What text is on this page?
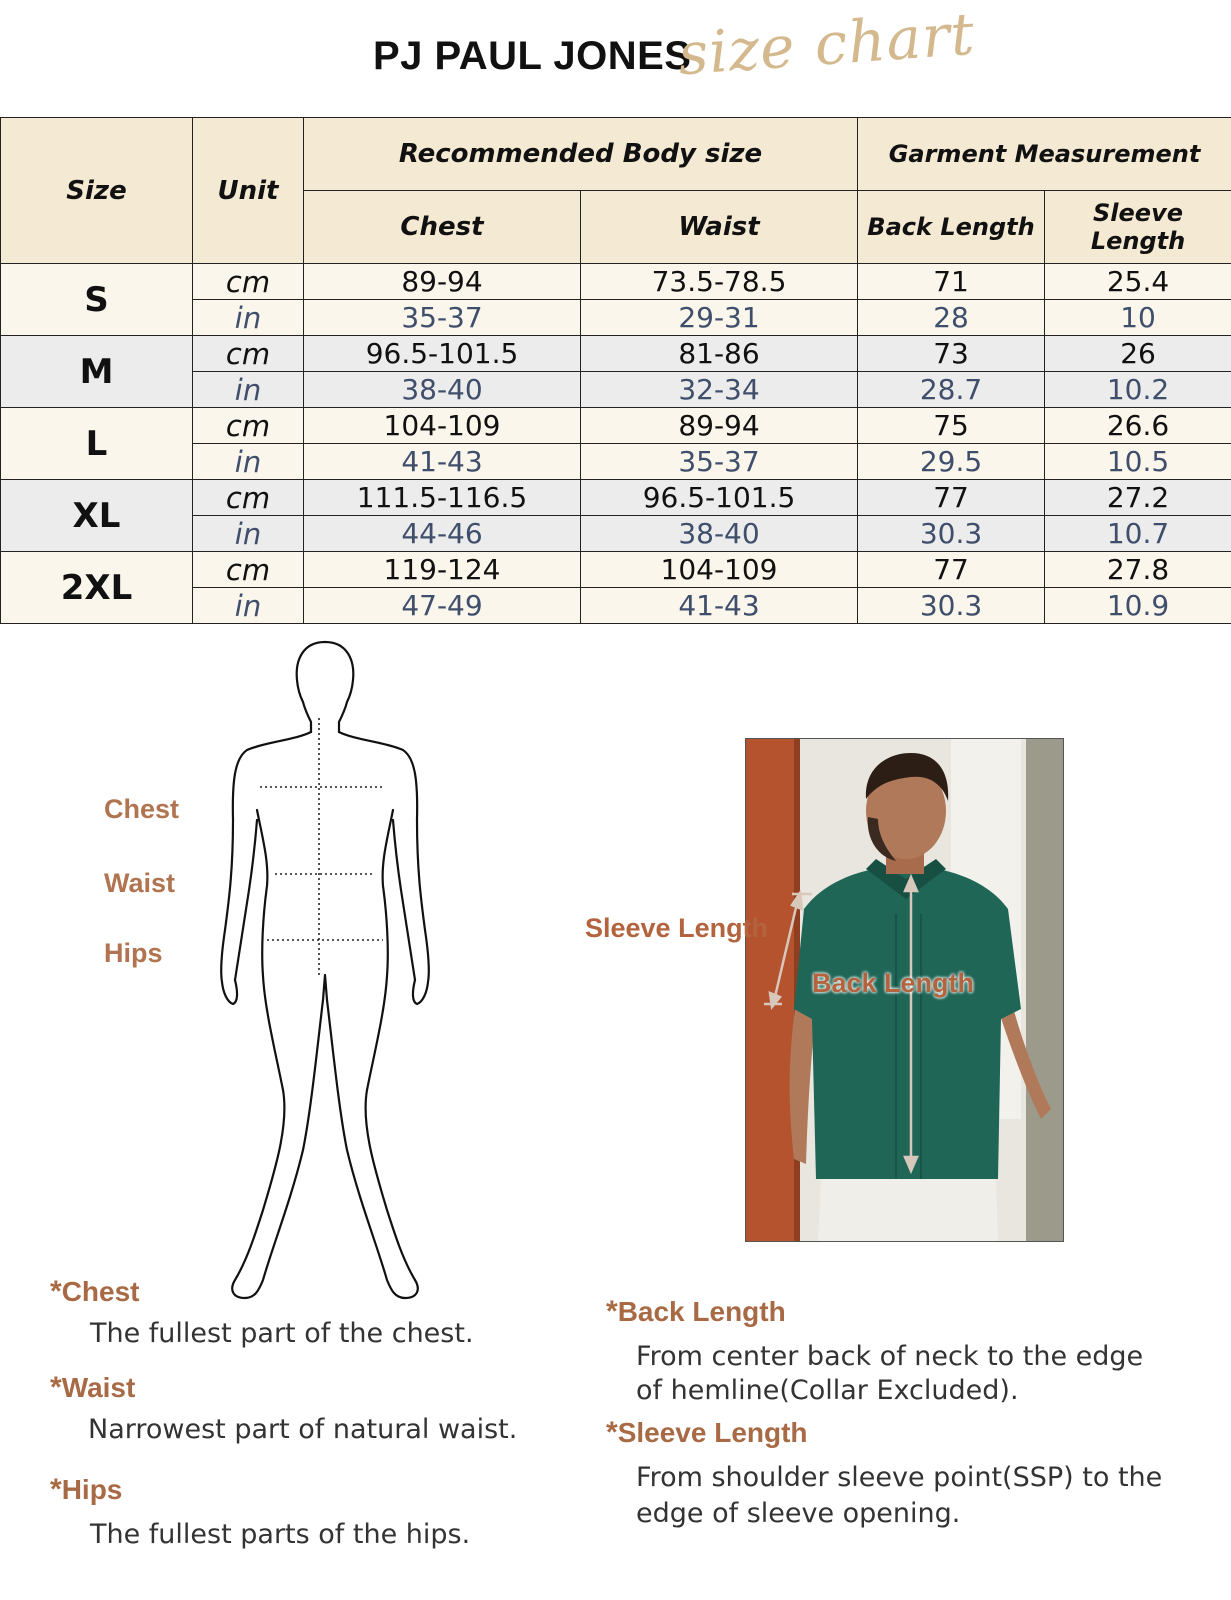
PJ PAUL JONES
size chart
Size	Unit	Recommended Body size		Garment Measurement	
		Chest	Waist	Back Length	Sleeve Length
S	cm	89-94	73.5-78.5	71	25.4
	in	35-37	29-31	28	10
M	cm	96.5-101.5	81-86	73	26
	in	38-40	32-34	28.7	10.2
L	cm	104-109	89-94	75	26.6
	in	41-43	35-37	29.5	10.5
XL	cm	111.5-116.5	96.5-101.5	77	27.2
	in	44-46	38-40	30.3	10.7
2XL	cm	119-124	104-109	77	27.8
	in	47-49	41-43	30.3	10.9
Chest
Waist
Hips
Sleeve Length
Back Length
*Chest
The fullest part of the chest.
*Waist
Narrowest part of natural waist.
*Hips
The fullest parts of the hips.
*Back Length
From center back of neck to the edge
of hemline(Collar Excluded).
*Sleeve Length
From shoulder sleeve point(SSP) to the
edge of sleeve opening.
